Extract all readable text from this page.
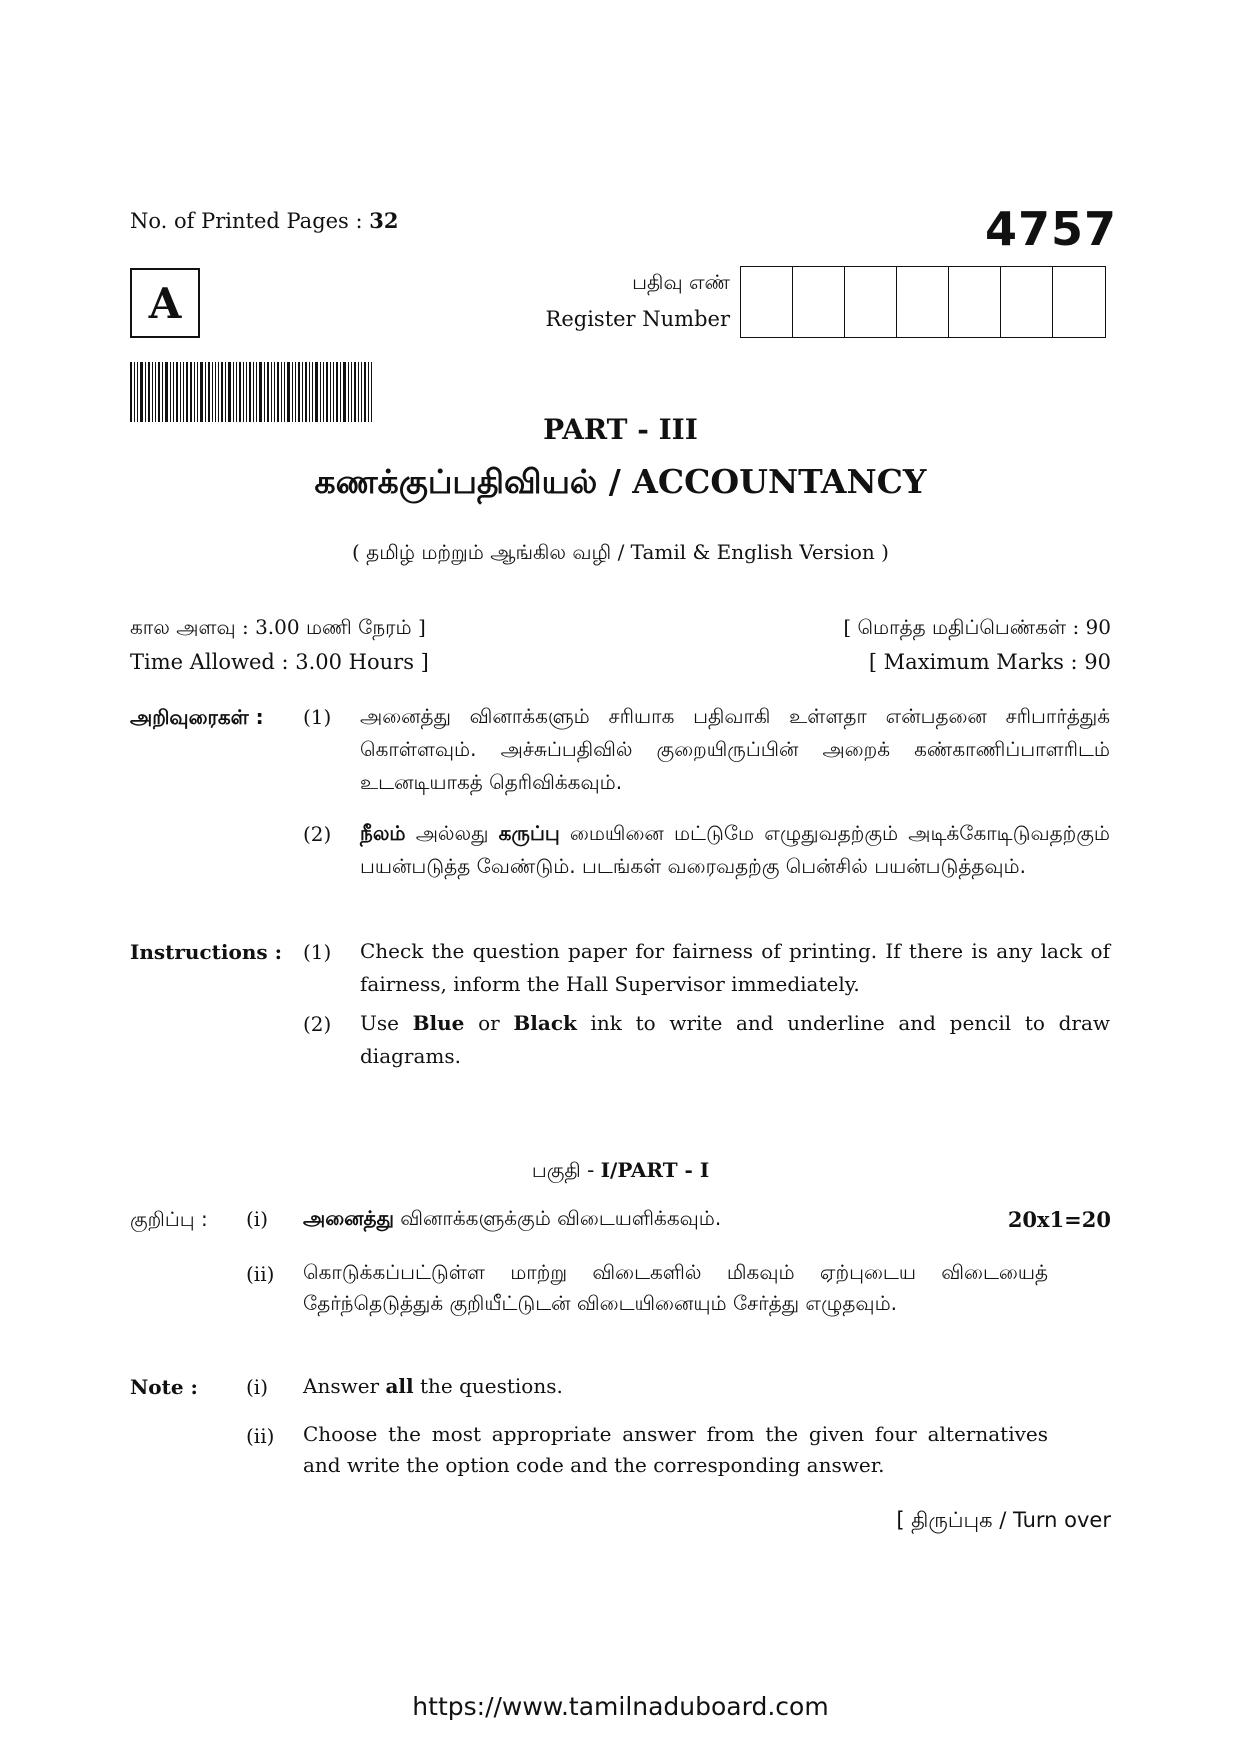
No. of Printed Pages : 32	4757
A	பதிவு எண்
Register Number
PART - III
கணக்குப்பதிவியல் / ACCOUNTANCY
( தமிழ் மற்றும் ஆங்கில வழி / Tamil & English Version )
கால அளவு : 3.00 மணி நேரம் ]
Time Allowed : 3.00 Hours ]
[ மொத்த மதிப்பெண்கள் : 90
[ Maximum Marks : 90
அறிவுரைகள் : (1) அனைத்து வினாக்களும் சரியாக பதிவாகி உள்ளதா என்பதனை சரிபார்த்துக் கொள்ளவும். அச்சுப்பதிவில் குறையிருப்பின் அறைக் கண்காணிப்பாளரிடம் உடனடியாகத் தெரிவிக்கவும்.
(2) நீலம் அல்லது கருப்பு மையினை மட்டுமே எழுதுவதற்கும் அடிக்கோடிடுவதற்கும் பயன்படுத்த வேண்டும். படங்கள் வரைவதற்கு பென்சில் பயன்படுத்தவும்.
Instructions : (1) Check the question paper for fairness of printing. If there is any lack of fairness, inform the Hall Supervisor immediately.
(2) Use Blue or Black ink to write and underline and pencil to draw diagrams.
பகுதி - I/PART - I
குறிப்பு : (i) அனைத்து வினாக்களுக்கும் விடையளிக்கவும்.	20x1=20
(ii) கொடுக்கப்பட்டுள்ள மாற்று விடைகளில் மிகவும் ஏற்புடைய விடையைத் தேர்ந்தெடுத்துக் குறியீட்டுடன் விடையினையும் சேர்த்து எழுதவும்.
Note : (i) Answer all the questions.
(ii) Choose the most appropriate answer from the given four alternatives and write the option code and the corresponding answer.
[ திருப்புக / Turn over
https://www.tamilnaduboard.com
